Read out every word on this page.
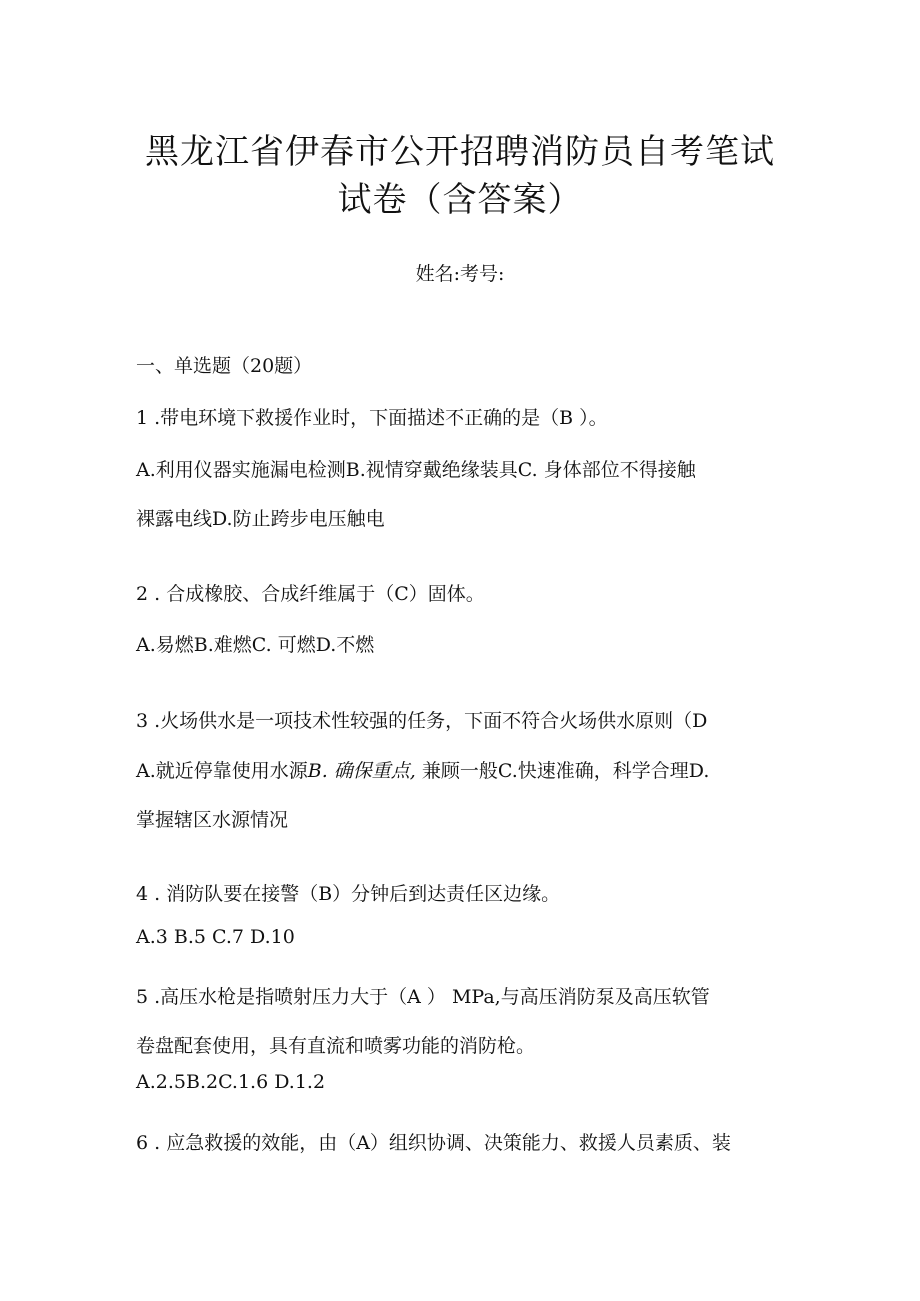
黑龙江省伊春市公开招聘消防员自考笔试
试卷（含答案）
姓名:考号:
一、单选题（20题）
1 .带电环境下救援作业时，下面描述不正确的是（B ）。
A.利用仪器实施漏电检测B.视情穿戴绝缘装具C. 身体部位不得接触
裸露电线D.防止跨步电压触电
2 . 合成橡胶、合成纤维属于（C）固体。
A.易燃B.难燃C. 可燃D.不燃
3 .火场供水是一项技术性较强的任务，下面不符合火场供水原则（D
A.就近停靠使用水源B. 确保重点, 兼顾一般C.快速准确，科学合理D.
掌握辖区水源情况
4 . 消防队要在接警（B）分钟后到达责任区边缘。
A.3 B.5 C.7 D.10
5 .高压水枪是指喷射压力大于（A ） MPa,与高压消防泵及高压软管
卷盘配套使用，具有直流和喷雾功能的消防枪。
A.2.5B.2C.1.6 D.1.2
6 . 应急救援的效能，由（A）组织协调、决策能力、救援人员素质、装
